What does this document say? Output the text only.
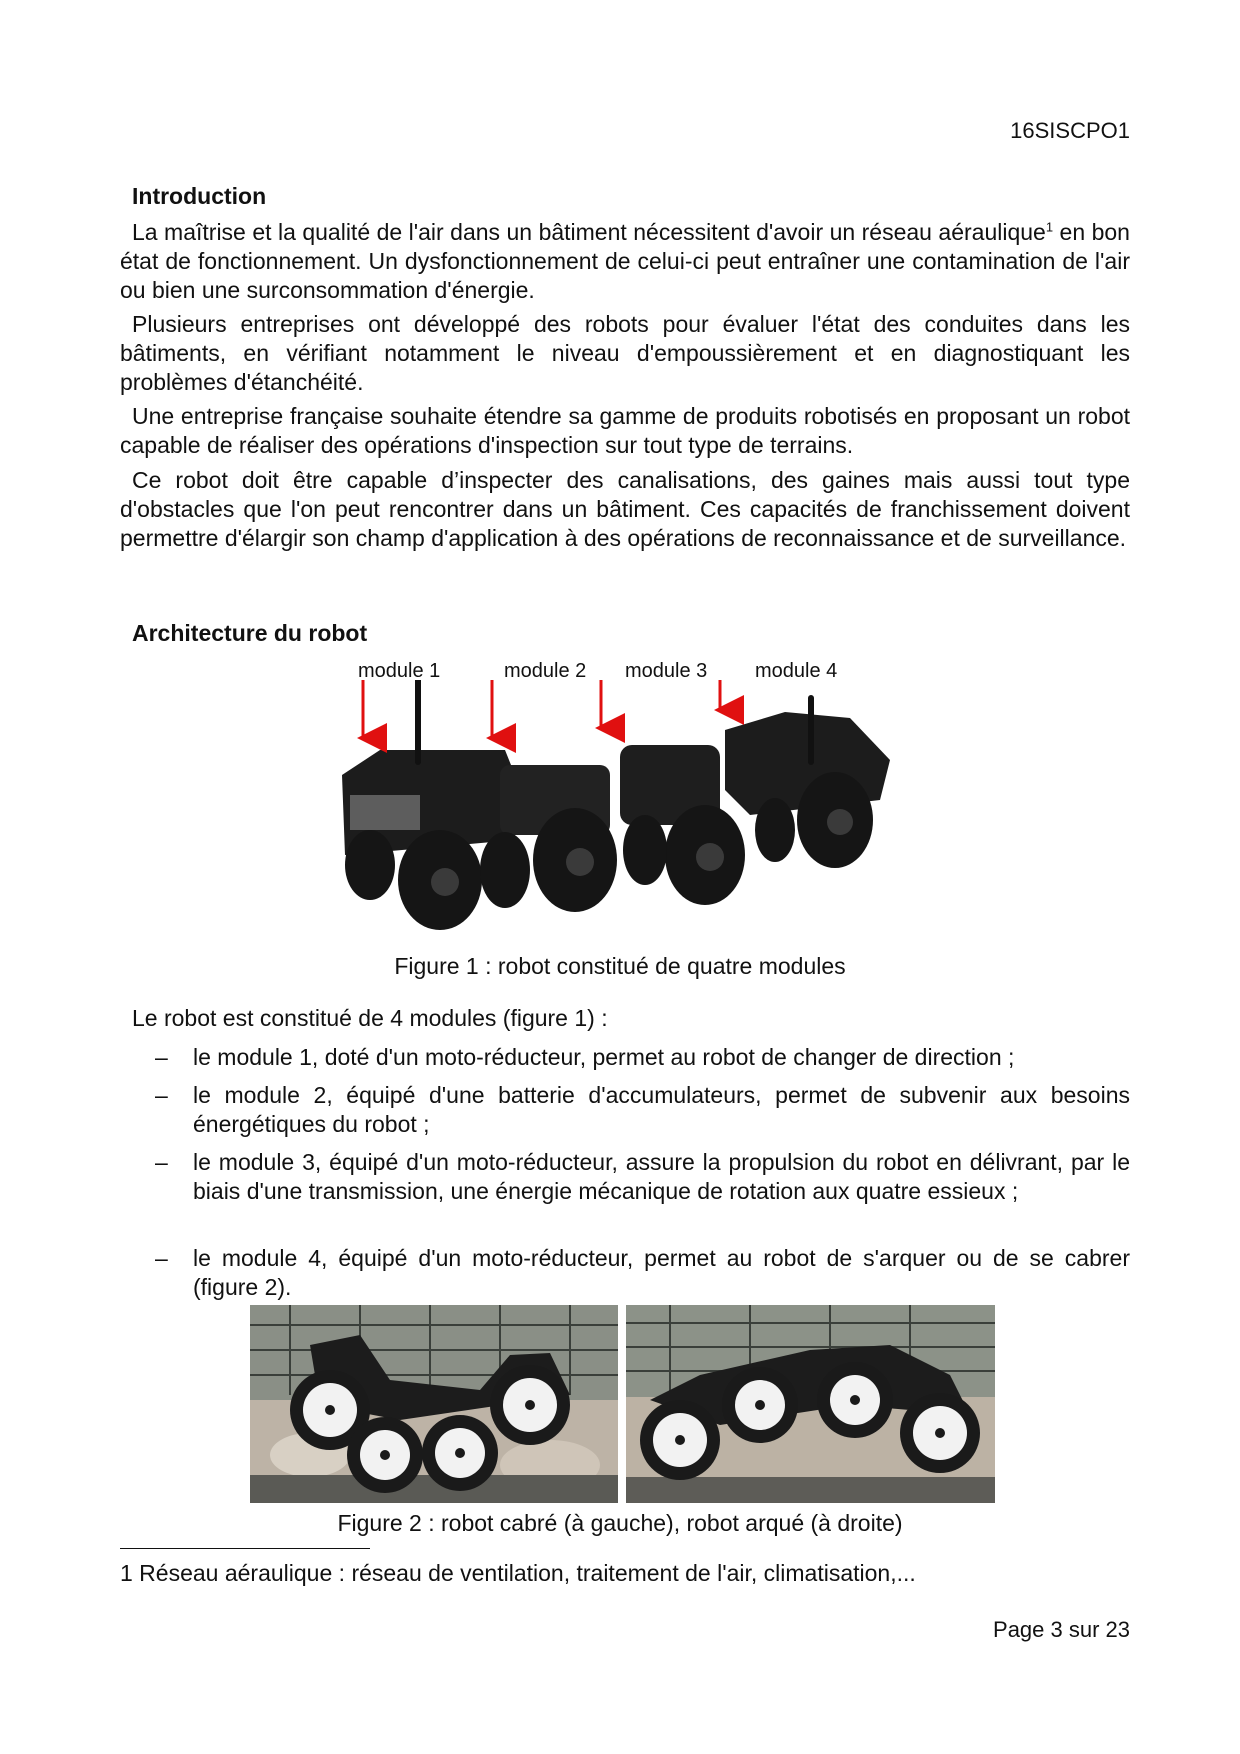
16SISCPO1
Introduction

La maîtrise et la qualité de l'air dans un bâtiment nécessitent d'avoir un réseau aéraulique$^1$ en bon état de fonctionnement. Un dysfonctionnement de celui-ci peut entraîner une contamination de l'air ou bien une surconsommation d'énergie.

Plusieurs entreprises ont développé des robots pour évaluer l'état des conduites dans les bâtiments, en vérifiant notamment le niveau d'empoussièrement et en diagnostiquant les problèmes d'étanchéité.

Une entreprise française souhaite étendre sa gamme de produits robotisés en proposant un robot capable de réaliser des opérations d'inspection sur tout type de terrains.

Ce robot doit être capable d’inspecter des canalisations, des gaines mais aussi tout type d'obstacles que l'on peut rencontrer dans un bâtiment. Ces capacités de franchissement doivent permettre d'élargir son champ d'application à des opérations de reconnaissance et de surveillance.

Architecture du robot
module 1	module 2 module 3 module 4
Figure 1 : robot constitué de quatre modules
Le robot est constitué de 4 modules (figure 1) :
– le module 1, doté d'un moto-réducteur, permet au robot de changer de direction ;
– le module 2, équipé d'une batterie d'accumulateurs, permet de subvenir aux besoins énergétiques du robot ;
– le module 3, équipé d'un moto-réducteur, assure la propulsion du robot en délivrant, par le biais d'une transmission, une énergie mécanique de rotation aux quatre essieux ;
– le module 4, équipé d'un moto-réducteur, permet au robot de s'arquer ou de se cabrer (figure 2).
Figure 2 : robot cabré (à gauche), robot arqué (à droite)
1 Réseau aéraulique : réseau de ventilation, traitement de l'air, climatisation,...
Page 3 sur 23
